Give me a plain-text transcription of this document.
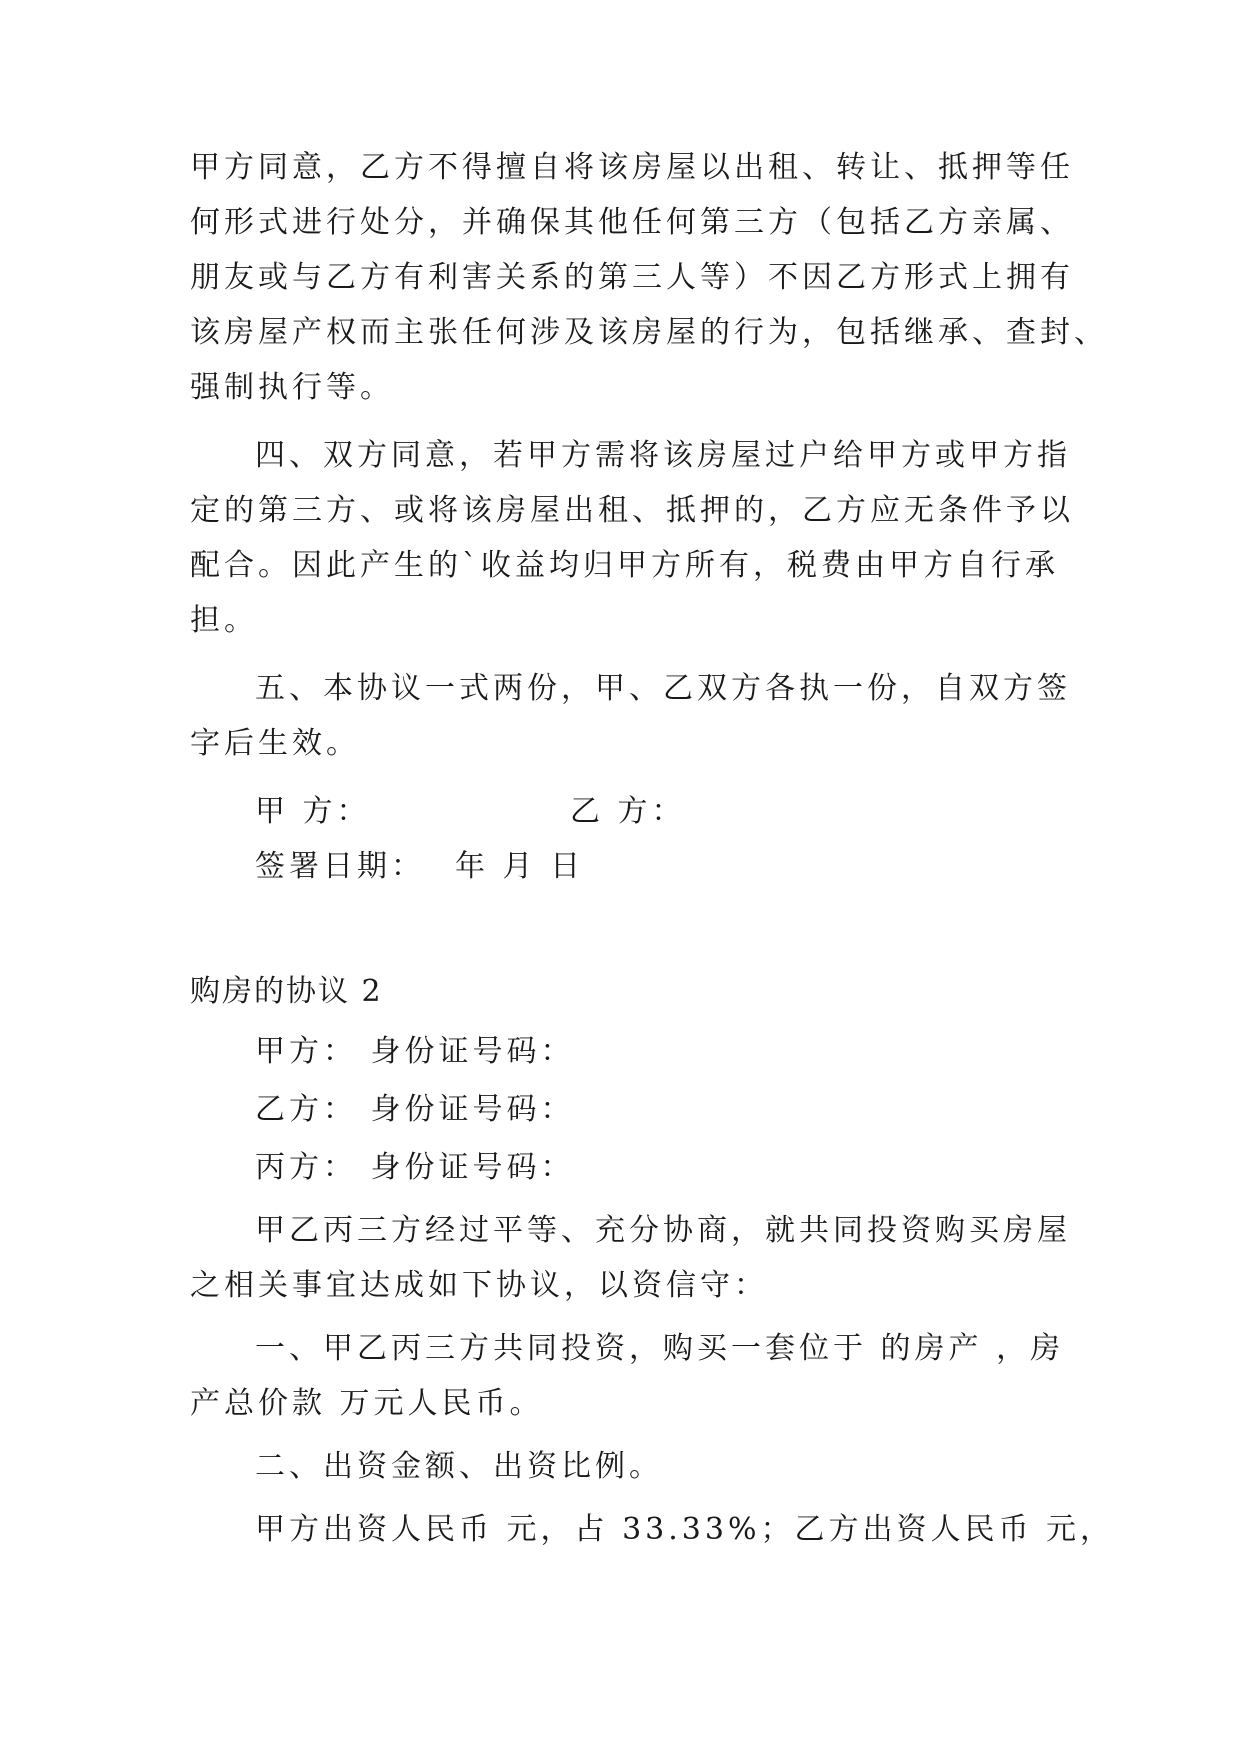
甲方同意，乙方不得擅自将该房屋以出租、转让、抵押等任

何形式进行处分，并确保其他任何第三方（包括乙方亲属、

朋友或与乙方有利害关系的第三人等）不因乙方形式上拥有

该房屋产权而主张任何涉及该房屋的行为，包括继承、查封、

强制执行等。

四、双方同意，若甲方需将该房屋过户给甲方或甲方指

定的第三方、或将该房屋出租、抵押的，乙方应无条件予以

配合。因此产生的`收益均归甲方所有，税费由甲方自行承

担。

五、本协议一式两份，甲、乙双方各执一份，自双方签

字后生效。

甲 方：	乙 方：

签署日期： 年 月 日

购房的协议 2

甲方： 身份证号码：

乙方： 身份证号码：

丙方： 身份证号码：

甲乙丙三方经过平等、充分协商，就共同投资购买房屋

之相关事宜达成如下协议，以资信守：

一、甲乙丙三方共同投资，购买一套位于 的房产 ，房

产总价款 万元人民币。

二、出资金额、出资比例。

甲方出资人民币 元，占 33.33%；乙方出资人民币 元，
